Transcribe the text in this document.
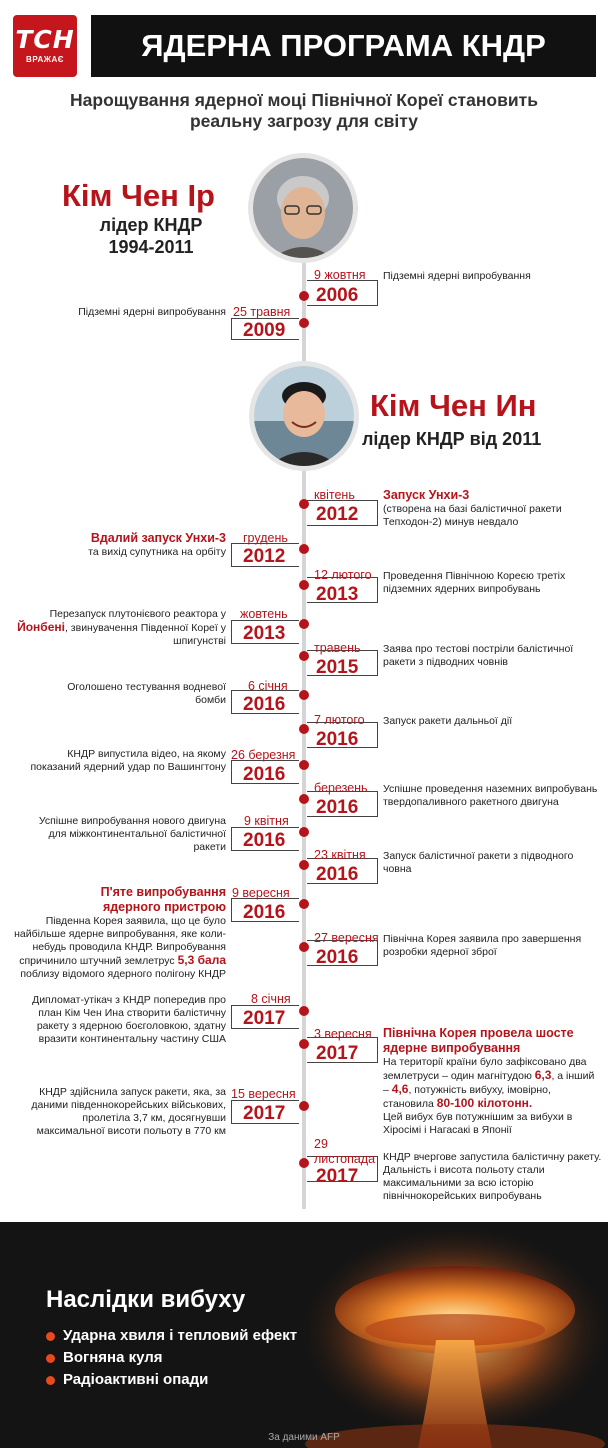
ТСН
ВРАЖАЄ	ЯДЕРНА ПРОГРАМА КНДР
Нарощування ядерної моці Північної Кореї становить реальну загрозу для світу
Кім Чен Ір
лідер КНДР
1994-2011
Кім Чен Ин
лідер КНДР від 2011
9 жовтня
2006
Підземні ядерні випробування
25 травня
2009
Підземні ядерні випробування
квітень
2012
Запуск Унхи-3
(створена на базі балістичної ракети Тепходон-2) минув невдало
грудень
2012
Вдалий запуск Унхи-3
та вихід супутника на орбіту
12 лютого
2013
Проведення Північною Кореєю третіх підземних ядерних випробувань
жовтень
2013
Перезапуск плутонієвого реактора у Йонбені, звинувачення Південної Кореї у шпигунстві	травень
2015
Заява про тестові постріли балістичної ракети з підводних човнів
6 січня
2016
Оголошено тестування водневої бомби
7 лютого
2016
Запуск ракети дальньої дії
26 березня
2016
КНДР випустила відео, на якому показаний ядерний удар по Вашингтону
березень
2016
Успішне проведення наземних випробувань твердопаливного ракетного двигуна
9 квітня
2016
Успішне випробування нового двигуна для міжконтинентальної балістичної ракети
23 квітня
2016
Запуск балістичної ракети з підводного човна
9 вересня
2016
П'яте випробування ядерного пристрою
Південна Корея заявила, що це було найбільше ядерне випробування, яке коли-небудь проводила КНДР. Випробування спричинило штучний землетрус 5,3 бала поблизу відомого ядерного полігону КНДР
27 вересня
2016
Північна Корея заявила про завершення розробки ядерної зброї
8 січня
2017
Дипломат-утікач з КНДР попередив про план Кім Чен Ина створити балістичну ракету з ядерною боєголовкою, здатну вразити континентальну частину США	3 вересня
2017
Північна Корея провела шосте ядерне випробування
На території країни було зафіксовано два землетруси – один магнітудою 6,3, а інший – 4,6, потужність вибуху, імовірно, становила 80-100 кілотонн.
Цей вибух був потужнішим за вибухи в Хіросімі і Нагасакі в Японії
15 вересня
2017
КНДР здійснила запуск ракети, яка, за даними південнокорейських військових, пролетіла 3,7 км, досягнувши максимальної висоти польоту в 770 км
29 листопада
2017
КНДР вчергове запустила балістичну ракету. Дальність і висота польоту стали максимальними за всю історію північнокорейських випробувань
Наслідки вибуху
Ударна хвиля і тепловий ефект
Вогняна куля
Радіоактивні опади
За даними AFP
